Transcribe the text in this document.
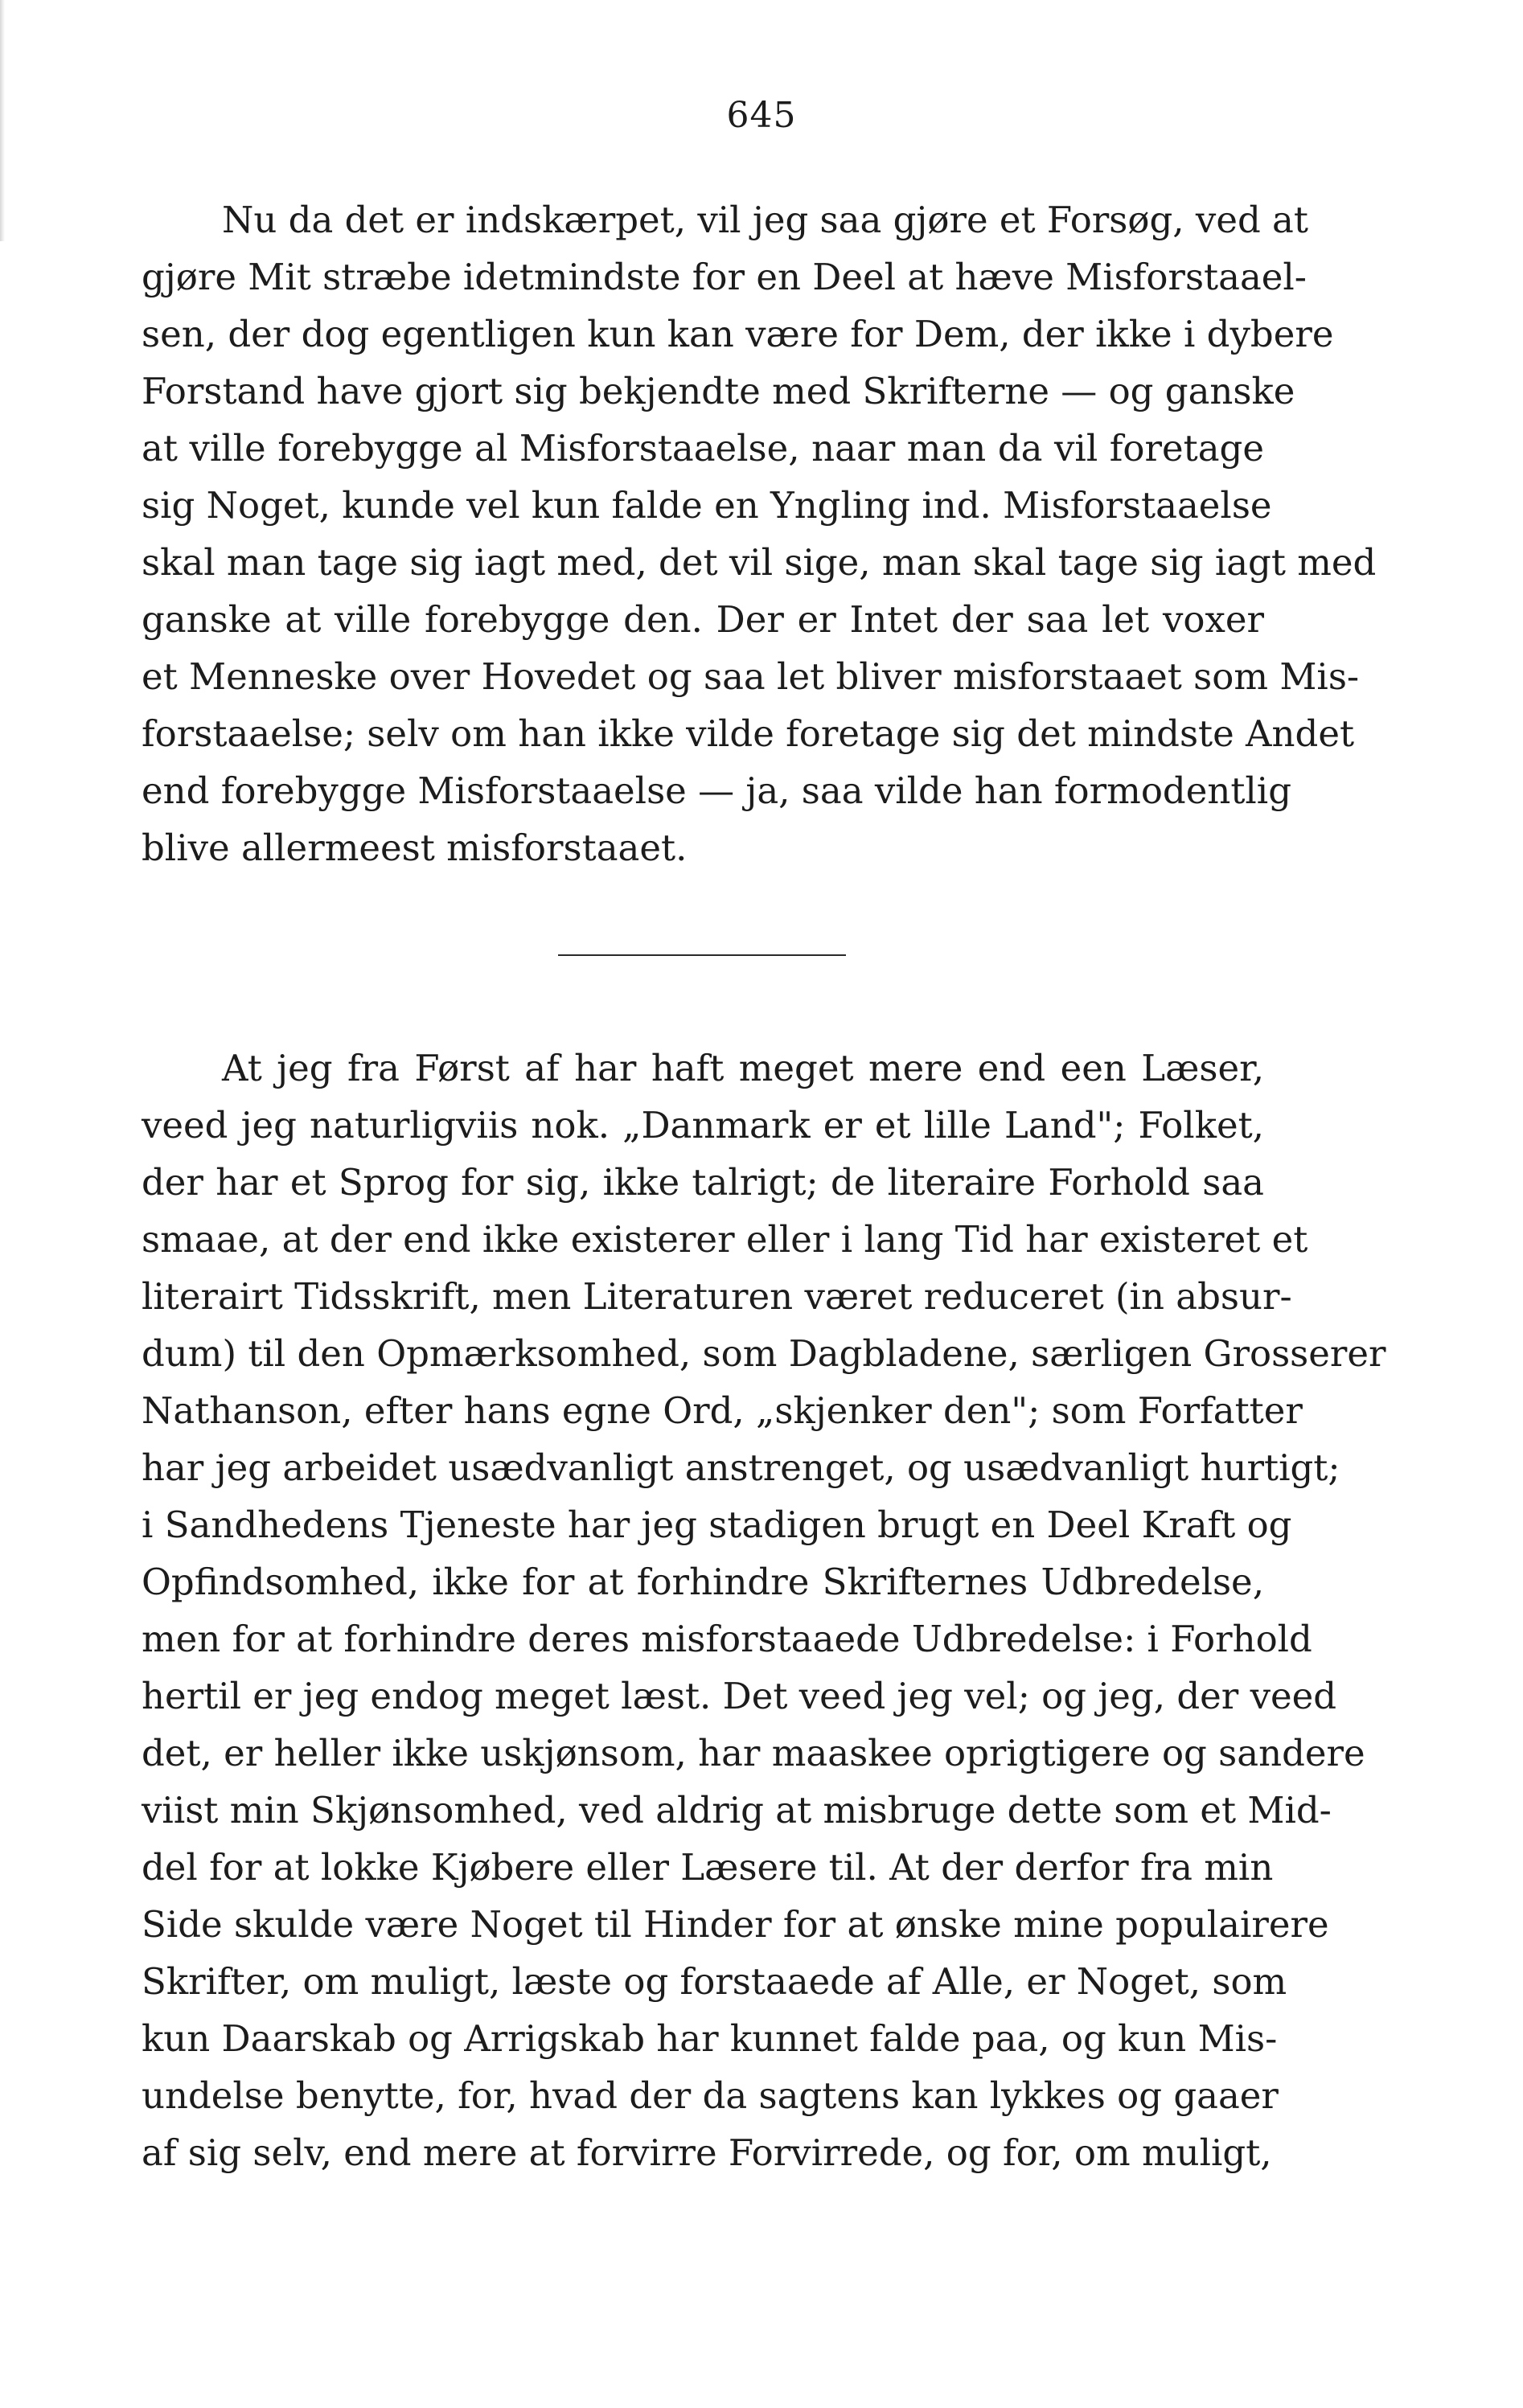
645
Nu da det er indskærpet, vil jeg saa gjøre et Forsøg, ved at
gjøre Mit stræbe idetmindste for en Deel at hæve Misforstaael-
sen, der dog egentligen kun kan være for Dem, der ikke i dybere
Forstand have gjort sig bekjendte med Skrifterne — og ganske
at ville forebygge al Misforstaaelse, naar man da vil foretage
sig Noget, kunde vel kun falde en Yngling ind. Misforstaaelse
skal man tage sig iagt med, det vil sige, man skal tage sig iagt med
ganske at ville forebygge den. Der er Intet der saa let voxer
et Menneske over Hovedet og saa let bliver misforstaaet som Mis-
forstaaelse; selv om han ikke vilde foretage sig det mindste Andet
end forebygge Misforstaaelse — ja, saa vilde han formodentlig
blive allermeest misforstaaet.
At jeg fra Først af har haft meget mere end een Læser,
veed jeg naturligviis nok. „Danmark er et lille Land"; Folket,
der har et Sprog for sig, ikke talrigt; de literaire Forhold saa
smaae, at der end ikke existerer eller i lang Tid har existeret et
literairt Tidsskrift, men Literaturen været reduceret (in absur-
dum) til den Opmærksomhed, som Dagbladene, særligen Grosserer
Nathanson, efter hans egne Ord, „skjenker den"; som Forfatter
har jeg arbeidet usædvanligt anstrenget, og usædvanligt hurtigt;
i Sandhedens Tjeneste har jeg stadigen brugt en Deel Kraft og
Opfindsomhed, ikke for at forhindre Skrifternes Udbredelse,
men for at forhindre deres misforstaaede Udbredelse: i Forhold
hertil er jeg endog meget læst. Det veed jeg vel; og jeg, der veed
det, er heller ikke uskjønsom, har maaskee oprigtigere og sandere
viist min Skjønsomhed, ved aldrig at misbruge dette som et Mid-
del for at lokke Kjøbere eller Læsere til. At der derfor fra min
Side skulde være Noget til Hinder for at ønske mine populairere
Skrifter, om muligt, læste og forstaaede af Alle, er Noget, som
kun Daarskab og Arrigskab har kunnet falde paa, og kun Mis-
undelse benytte, for, hvad der da sagtens kan lykkes og gaaer
af sig selv, end mere at forvirre Forvirrede, og for, om muligt,
